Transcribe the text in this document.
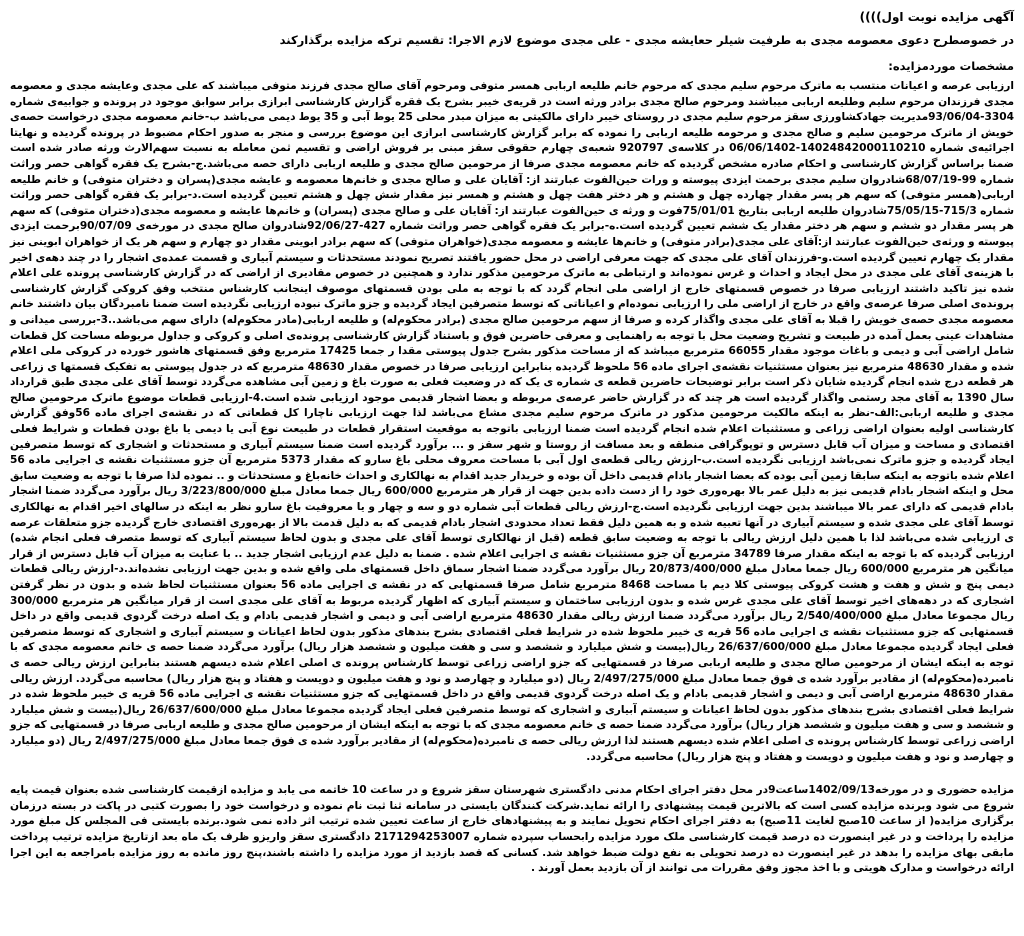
آگهی مزایده نوبت اول))))
در خصوصطرح دعوی معصومه مجدی به طرفیت شیلر حعایشه مجدی - علی مجدی موضوع لازم الاجرا: تقسیم ترکه مزایده برگذارکند
مشخصات موردمزایده:

ارزیابی عرصه و اعیانات منتسب به ماترک مرحوم سلیم مجدی که مرحوم خانم طلیعه اربابی همسر متوفی ومرحوم آقای صالح مجدی فرزند متوفی میباشند که علی مجدی وعایشه مجدی و معصومه مجدی فرزندان مرحوم سلیم وطلیعه اربابی میباشند ومرحوم صالح مجدی برادر ورثه است در قریه‌ی خیبر بشرح یک فقره گزارش کارشناسی ابرازی برابر سوابق موجود در پرونده و جوابیه‌ی شماره 3304-93/06/04مدیریت جهادکشاورزی سقز مرحوم سلیم مجدی در روستای خیبر دارای مالکیتی به میزان مبدر محلی 25 یوط آبی و 35 یوط دیمی می‌باشد ب-خانم معصومه مجدی درخواست حصه‌ی خویش از ماترک مرحومین سلیم و صالح مجدی و مرحومه طلیعه اربابی را نموده که برابر گزارش کارشناسی ابرازی این موضوع بررسی و منجر به صدور احکام مضبوط در پرونده گردیده و نهایتا اجرائیه‌ی شماره 14024842000110210-06/06/1402 در کلاسه‌ی 920797 شعبه‌ی چهارم حقوقی سقز مبنی بر فروش اراضی و تقسیم ثمن معامله به نسبت سهم‌الارث ورثه صادر شده است ضمنا براساس گزارش کارشناسی و احکام صادره مشخص گردیده که خانم معصومه مجدی صرفا از مرحومین صالح مجدی و طلیعه اربابی دارای حصه می‌باشد.ج-بشرح یک فقره گواهی حصر وراثت شماره 99-68/07/19شادروان سلیم مجدی برحمت ایزدی پیوسته و ورات حین‌الفوت عبارتند از: آقایان علی و صالح مجدی و خانم‌ها معصومه و عایشه مجدی(پسران و دختران متوفی) و خانم طلیعه اربابی(همسر متوفی) که سهم هر پسر مقدار چهارده چهل و هشتم و هر دختر هفت چهل و هشتم و همسر نیز مقدار شش چهل و هشتم تعیین گردیده است.د-برابر یک فقره گواهی حصر وراثت شماره 715/3-75/05/15شادروان طلیعه اربابی بتاریخ 75/01/01فوت و ورثه ی حین‌الفوت عبارتند از: آقایان علی و صالح مجدی (پسران) و خانم‌ها عایشه و معصومه مجدی(دختران متوفی) که سهم هر پسر مقدار دو ششم و سهم هر دختر مقدار یک ششم تعیین گردیده است.ه-برابر یک فقره گواهی حصر وراثت شماره 427-92/06/27شادروان صالح مجدی در مورخه‌ی 90/07/09برحمت ایزدی پیوسته و ورثه‌ی حین‌الفوت عبارتند از:آقای علی مجدی(برادر متوفی) و خانم‌ها عایشه و معصومه مجدی(خواهران متوفی) که سهم برادر ابوینی مقدار دو چهارم و سهم هر یک از خواهران ابوینی نیز مقدار یک چهارم تعیین گردیده است.و-فرزندان آقای علی مجدی که جهت معرفی اراضی در محل حضور یافتند تصریح نمودند مستحدثات و سیستم آبیاری و قسمت عمده‌ی اشجار را در چند دهه‌ی اخیر با هزینه‌ی آقای علی مجدی در محل ایجاد و احداث و غرس نموده‌اند و ارتباطی به ماترک مرحومین مذکور ندارد و همچنین در خصوص مقادیری از اراضی که در گزارش کارشناسی پرونده علی اعلام شده نیز تاکید داشتند ارزیابی صرفا در خصوص قسمتهای خارج از اراضی ملی انجام گردد که با توجه به ملی بودن قسمتهای موصوف اینجانب کارشناس منتخب وفق کروکی گزارش کارشناسی پرونده‌ی اصلی صرفا عرصه‌ی واقع در خارج از اراضی ملی را ارزیابی نموده‌ام و اعیاناتی که توسط متصرفین ایجاد گردیده و جزو ماترک نبوده ارزیابی نگردیده است ضمنا نامبردگان بیان داشتند خانم معصومه مجدی حصه‌ی خویش را قبلا به آقای علی مجدی واگذار کرده و صرفا از سهم مرحومین صالح مجدی (برادر محکوم‌له) و طلیعه اربابی(مادر محکوم‌له) دارای سهم می‌باشد..3-بررسی میدانی و مشاهدات عینی بعمل آمده در طبیعت و تشریح وضعیت محل با توجه به راهنمایی و معرفی حاضرین فوق و باستناد گزارش کارشناسی پرونده‌ی اصلی و کروکی و جداول مربوطه مساحت کل قطعات شامل اراضی آبی و دیمی و باغات موجود مقدار 66055 مترمربع میباشد که از مساحت مذکور بشرح جدول پیوستی مقدا ر جمعا 17425 مترمربع وفق قسمتهای هاشور خورده در کروکی ملی اعلام شده و مقدار 48630 مترمربع نیز بعنوان مستثنیات نقشه‌ی اجرای ماده 56 ملحوظ گردیده بنابراین ارزیابی صرفا در خصوص مقدار 48630 مترمربع که در جدول پیوستی به تفکیک قسمتها ی زراعی هر قطعه درج شده انجام گردیده شایان ذکر است برابر توضیحات حاضرین قطعه ی شماره ی یک که در وضعیت فعلی به صورت باغ و زمین آبی مشاهده می‌گردد توسط آقای علی مجدی طبق قرارداد سال 1390 به آقای مجد رستمی واگذار گردیده است هر چند که در گزارش حاضر عرصه‌ی مربوطه و بعضا اشجار قدیمی موجود ارزیابی شده است.4-ارزیابی قطعات موضوع ماترک مرحومین صالح مجدی و طلیعه اربابی:الف-نظر به اینکه مالکیت مرحومین مذکور در ماترک مرحوم سلیم مجدی مشاع می‌باشد لذا جهت ارزیابی ناچارا کل قطعاتی که در نقشه‌ی اجرای ماده 56وفق گزارش کارشناسی اولیه بعنوان اراضی زراعی و مستثنیات اعلام شده انجام گردیده است ضمنا ارزیابی باتوجه به موقعیت استقرار قطعات در طبیعت نوع آبی یا دیمی یا باغ بودن قطعات و شرایط فعلی اقتصادی و مساحت و میزان آب قابل دسترس و توپوگرافی منطقه و بعد مسافت از روستا و شهر سقز و ... برآورد گردیده است ضمنا سیستم آبیاری و مستحدثات و اشجاری که توسط متصرفین ایجاد گردیده و جزو ماترک نمی‌باشد ارزیابی نگردیده است.ب-ارزش ریالی قطعه‌ی اول آبی با مساحت معروف محلی باغ سارو که مقدار 5373 مترمربع آن جزو مستثنیات نقشه ی اجرایی ماده 56 اعلام شده باتوجه به اینکه سابقا زمین آبی بوده که بعضا اشجار بادام قدیمی داخل آن بوده و خریدار جدید اقدام به نهالکاری و احداث خانه‌باغ و مستحدثات و .. نموده لذا صرفا با توجه به وضعیت سابق محل و اینکه اشجار بادام قدیمی نیز به دلیل عمر بالا بهره‌وری خود را از دست داده بدین جهت از قرار هر مترمربع 600/000 ریال جمعا معادل مبلغ 3/223/800/000 ریال برآورد می‌گردد ضمنا اشجار بادام قدیمی که دارای عمر بالا میباشند بدین جهت ارزیابی نگردیده است.ج-ارزش ریالی قطعات آبی شماره دو و سه و چهار و یا معروفیت باغ سارو نظر به اینکه در سالهای اخیر اقدام به نهالکاری توسط آقای علی مجدی شده و سیستم آبیاری در آنها تعبیه شده و به همین دلیل فقط تعداد محدودی اشجار بادام قدیمی که به دلیل قدمت بالا از بهره‌وری اقتصادی خارج گردیده جزو متعلقات عرصه ی ارزیابی شده می‌باشد لذا با همین دلیل ارزش ریالی با توجه به وضعیت سابق قطعه (قبل از نهالکاری توسط آقای علی مجدی و بدون لحاظ سیستم آبیاری که توسط متصرف فعلی انجام شده) ارزیابی گردیده که با توجه به اینکه مقدار صرفا 34789 مترمربع آن جزو مستثنیات نقشه ی اجرایی اعلام شده . ضمنا به دلیل عدم ارزیابی اشجار جدید .. با عنایت به میزان آب قابل دسترس از قرار میانگین هر مترمربع 600/000 ریال جمعا معادل مبلغ 20/873/400/000 ریال برآورد می‌گردد ضمنا اشجار سماق داخل قسمتهای ملی واقع شده و بدین جهت ارزیابی نشده‌اند.د-ارزش ریالی قطعات دیمی پنج و شش و هفت و هشت کروکی پیوستی کلا دیم با مساحت 8468 مترمربع شامل صرفا قسمتهایی که در نقشه ی اجرایی ماده 56 بعنوان مستثنیات لحاظ شده و بدون در نظر گرفتن اشجاری که در دهه‌های اخیر توسط آقای علی مجدی غرس شده و بدون ارزیابی ساختمان و سیستم آبیاری که اظهار گردیده مربوط به آقای علی مجدی است از قرار میانگین هر مترمربع 300/000 ریال مجموعا معادل مبلغ 2/540/400/000 ریال برآورد می‌گردد ضمنا ارزش ریالی مقدار 48630 مترمربع اراضی آبی و دیمی و اشجار قدیمی بادام و یک اصله درخت گردوی قدیمی واقع در داخل قسمتهایی که جزو مستثنیات نقشه ی اجرایی ماده 56 قریه ی خیبر ملحوظ شده در شرایط فعلی اقتصادی بشرح بندهای مذکور بدون لحاظ اعیانات و سیستم آبیاری و اشجاری که توسط متصرفین فعلی ایجاد گردیده مجموعا معادل مبلغ 26/637/600/000 ریال(بیست و شش میلیارد و ششصد و سی و هفت میلیون و ششصد هزار ریال) برآورد می‌گردد ضمنا حصه ی خانم معصومه مجدی که با توجه به اینکه ایشان از مرحومین صالح مجدی و طلیعه اربابی صرفا در قسمتهایی که جزو اراضی زراعی توسط کارشناس پرونده ی اصلی اعلام شده دیسهم هستند بنابراین ارزش ریالی حصه ی نامبرده(محکوم‌له) از مقادیر برآورد شده ی فوق جمعا معادل مبلغ 2/497/275/000 ریال (دو میلیارد و چهارصد و نود و هفت میلیون و دویست و هفتاد و پنج هزار ریال) محاسبه می‌گردد. ارزش ریالی مقدار 48630 مترمربع اراضی آبی و دیمی و اشجار قدیمی بادام و یک اصله درخت گردوی قدیمی واقع در داخل قسمتهایی که جزو مستثنیات نقشه ی اجرایی ماده 56 قریه ی خیبر ملحوظ شده در شرایط فعلی اقتصادی بشرح بندهای مذکور بدون لحاظ اعیانات و سیستم آبیاری و اشجاری که توسط متصرفین فعلی ایجاد گردیده مجموعا معادل مبلغ 26/637/600/000 ریال(بیست و شش میلیارد و ششصد و سی و هفت میلیون و ششصد هزار ریال) برآورد می‌گردد ضمنا حصه ی خانم معصومه مجدی که با توجه به اینکه ایشان از مرحومین صالح مجدی و طلیعه اربابی صرفا در قسمتهایی که جزو اراضی زراعی توسط کارشناس پرونده ی اصلی اعلام شده دیسهم هستند لذا ارزش ریالی حصه ی نامبرده(محکوم‌له) از مقادیر برآورد شده ی فوق جمعا معادل مبلغ 2/497/275/000 ریال (دو میلیارد و چهارصد و نود و هفت میلیون و دویست و هفتاد و پنج هزار ریال) محاسبه می‌گردد.

مزایده حضوری و در مورخه1402/09/13ساعت9در محل دفتر اجرای احکام مدنی دادگستری شهرستان سقز شروع و در ساعت 10 خاتمه می یابد و مزایده ازقیمت کارشناسی شده بعنوان قیمت پایه شروع می شود وبرنده مزایده کسی است که بالاترین قیمت پیشنهادی را ارائه نماید.شرکت کنندگان بایستی در سامانه ثنا ثبت نام نموده و درخواست خود را بصورت کتبی در پاکت در بسته درزمان برگزاری مزایده( از ساعت 10صبح لغایت 11صبح) به دفتر اجرای احکام تحویل نمایند و به پیشنهادهای خارج از ساعت تعیین شده ترتیب اثر داده نمی شود.برنده بایستی فی المجلس کل مبلغ مورد مزایده را پرداخت و در غیر اینصورت ده درصد قیمت کارشناسی ملک مورد مزایده رابحساب سپرده شماره 2171294253007 دادگستری سقز واریزو ظرف یک ماه بعد ازتاریخ مزایده ترتیب پرداخت مابقی بهای مزایده را بدهد در غیر اینصورت ده درصد تحویلی به نفع دولت ضبط خواهد شد. کسانی که قصد بازدید از مورد مزایده را داشته باشند،پنج روز مانده به روز مزایده بامراجعه به این اجرا ارائه درخواست و مدارک هویتی و با اخذ مجوز وفق مقررات می توانند از آن بازدید بعمل آورند .
